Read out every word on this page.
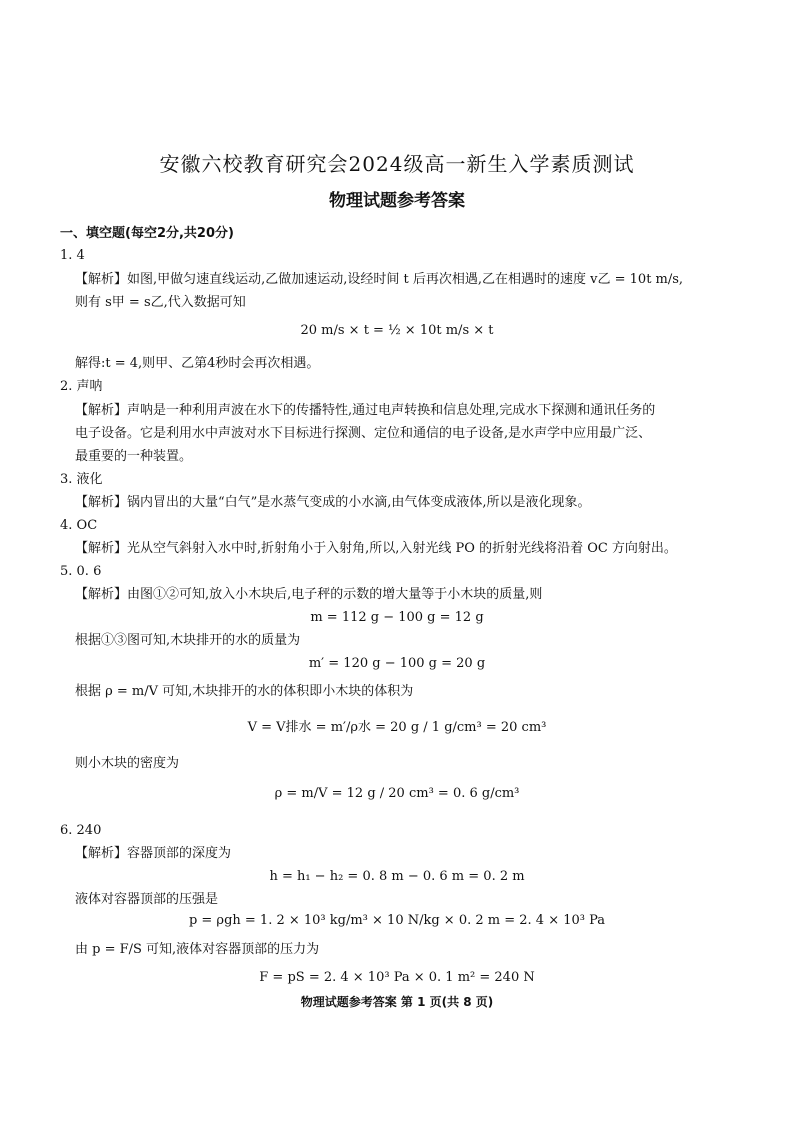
安徽六校教育研究会2024级高一新生入学素质测试
物理试题参考答案
一、填空题(每空2分,共20分)
1. 4
【解析】如图,甲做匀速直线运动,乙做加速运动,设经时间 t 后再次相遇,乙在相遇时的速度 v乙 = 10t m/s,
则有 s甲 = s乙,代入数据可知
20 m/s × t = ½ × 10t m/s × t
解得:t = 4,则甲、乙第4秒时会再次相遇。
2. 声呐
【解析】声呐是一种利用声波在水下的传播特性,通过电声转换和信息处理,完成水下探测和通讯任务的
电子设备。它是利用水中声波对水下目标进行探测、定位和通信的电子设备,是水声学中应用最广泛、
最重要的一种装置。
3. 液化
【解析】锅内冒出的大量“白气”是水蒸气变成的小水滴,由气体变成液体,所以是液化现象。
4. OC
【解析】光从空气斜射入水中时,折射角小于入射角,所以,入射光线 PO 的折射光线将沿着 OC 方向射出。
5. 0. 6
【解析】由图①②可知,放入小木块后,电子秤的示数的增大量等于小木块的质量,则
m = 112 g − 100 g = 12 g
根据①③图可知,木块排开的水的质量为
m′ = 120 g − 100 g = 20 g
根据 ρ = m/V 可知,木块排开的水的体积即小木块的体积为
V = V排水 = m′/ρ水 = 20 g / 1 g/cm³ = 20 cm³
则小木块的密度为
ρ = m/V = 12 g / 20 cm³ = 0. 6 g/cm³
6. 240
【解析】容器顶部的深度为
h = h₁ − h₂ = 0. 8 m − 0. 6 m = 0. 2 m
液体对容器顶部的压强是
p = ρgh = 1. 2 × 10³ kg/m³ × 10 N/kg × 0. 2 m = 2. 4 × 10³ Pa
由 p = F/S 可知,液体对容器顶部的压力为
F = pS = 2. 4 × 10³ Pa × 0. 1 m² = 240 N
物理试题参考答案 第 1 页(共 8 页)
